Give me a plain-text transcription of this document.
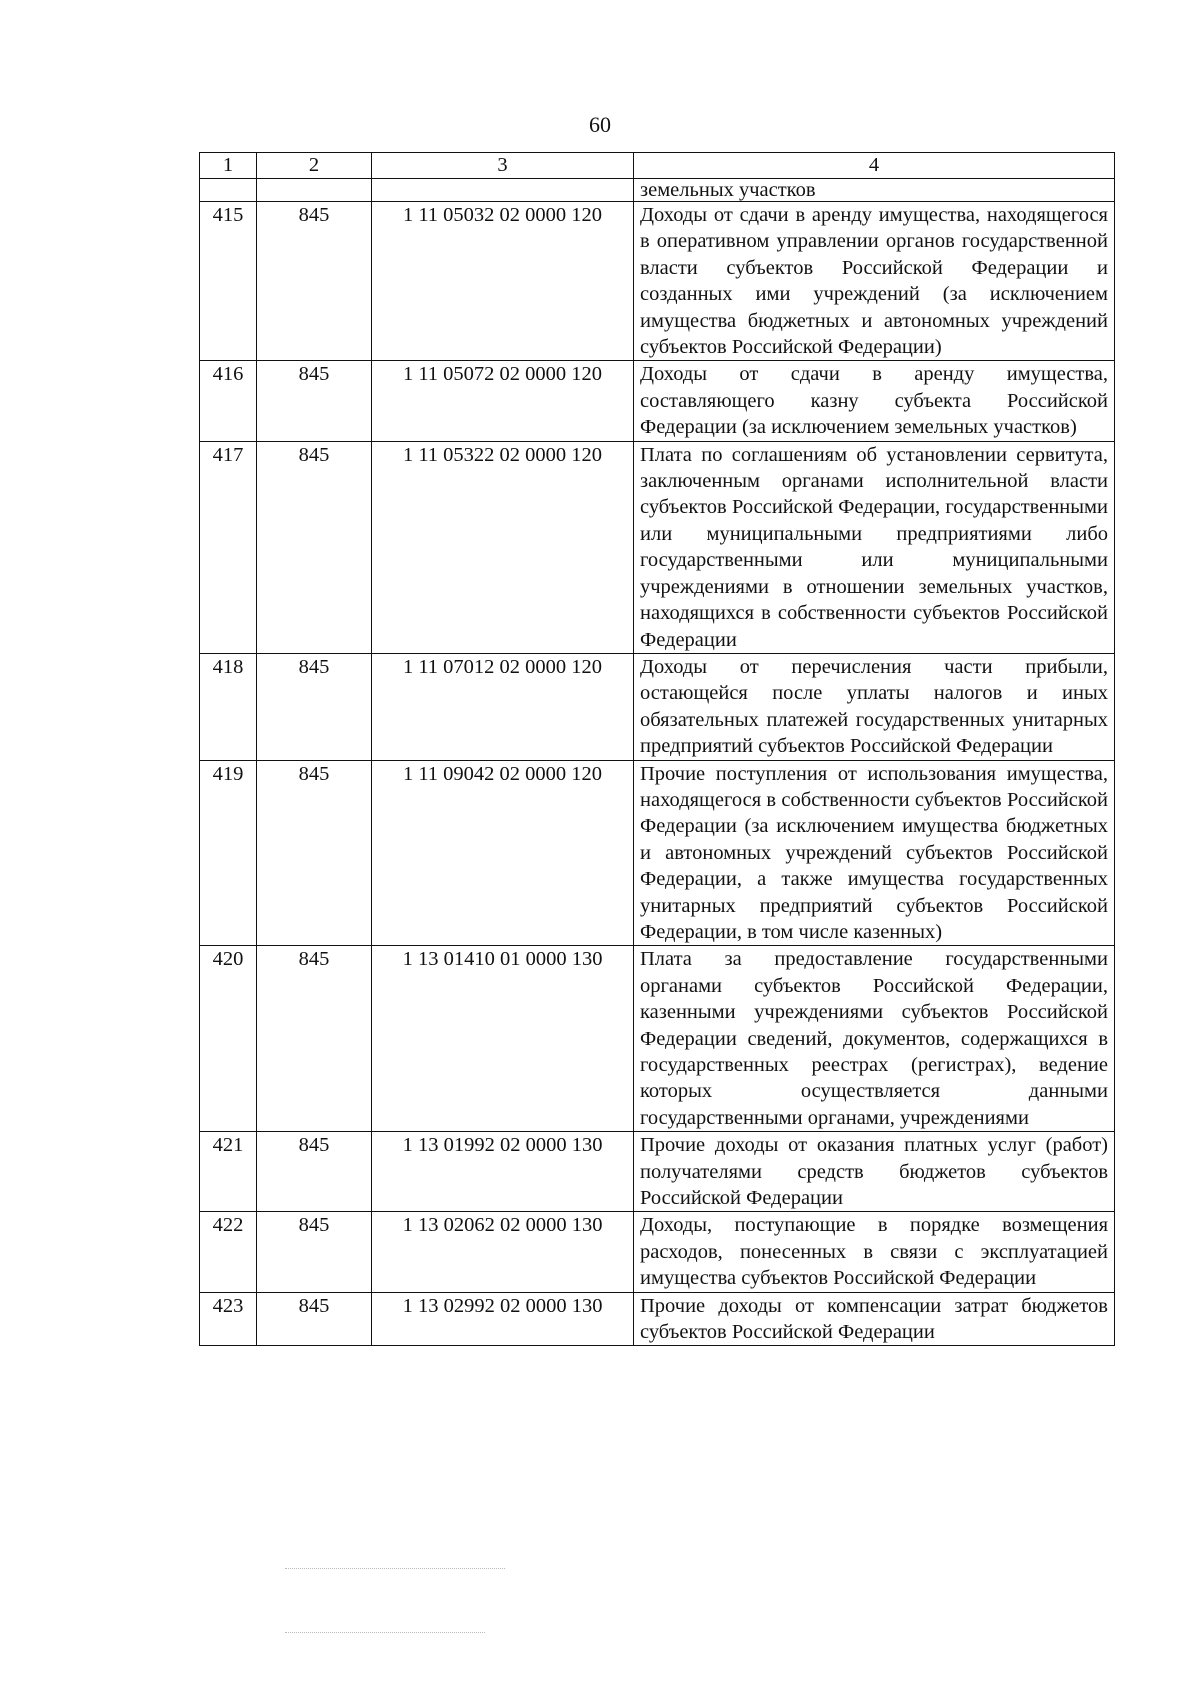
60
1	2	3	4
			земельных участков
415	845	1 11 05032 02 0000 120	Доходы от сдачи в аренду имущества, находящегося в оперативном управлении органов государственной власти субъектов Российской Федерации и созданных ими учреждений (за исключением имущества бюджетных и автономных учреждений субъектов Российской Федерации)
416	845	1 11 05072 02 0000 120	Доходы от сдачи в аренду имущества, составляющего казну субъекта Российской Федерации (за исключением земельных участков)
417	845	1 11 05322 02 0000 120	Плата по соглашениям об установлении сервитута, заключенным органами исполнительной власти субъектов Российской Федерации, государственными или муниципальными предприятиями либо государственными или муниципальными учреждениями в отношении земельных участков, находящихся в собственности субъектов Российской Федерации
418	845	1 11 07012 02 0000 120	Доходы от перечисления части прибыли, остающейся после уплаты налогов и иных обязательных платежей государственных унитарных предприятий субъектов Российской Федерации
419	845	1 11 09042 02 0000 120	Прочие поступления от использования имущества, находящегося в собственности субъектов Российской Федерации (за исключением имущества бюджетных и автономных учреждений субъектов Российской Федерации, а также имущества государственных унитарных предприятий субъектов Российской Федерации, в том числе казенных)
420	845	1 13 01410 01 0000 130	Плата за предоставление государственными органами субъектов Российской Федерации, казенными учреждениями субъектов Российской Федерации сведений, документов, содержащихся в государственных реестрах (регистрах), ведение которых осуществляется данными государственными органами, учреждениями
421	845	1 13 01992 02 0000 130	Прочие доходы от оказания платных услуг (работ) получателями средств бюджетов субъектов Российской Федерации
422	845	1 13 02062 02 0000 130	Доходы, поступающие в порядке возмещения расходов, понесенных в связи с эксплуатацией имущества субъектов Российской Федерации
423	845	1 13 02992 02 0000 130	Прочие доходы от компенсации затрат бюджетов субъектов Российской Федерации
